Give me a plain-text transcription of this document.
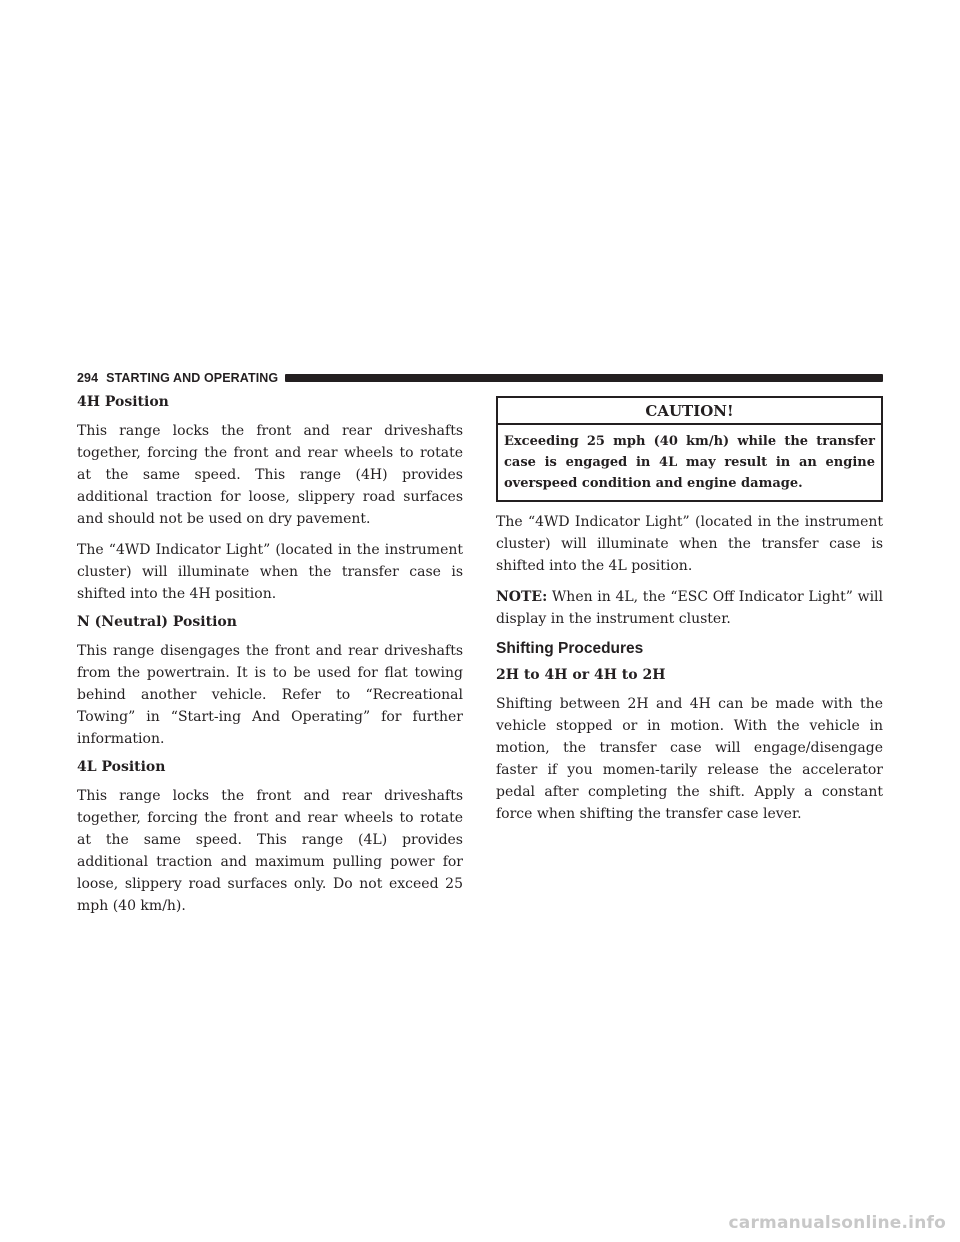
294 STARTING AND OPERATING
4H Position

This range locks the front and rear driveshafts together, forcing the front and rear wheels to rotate at the same speed. This range (4H) provides additional traction for loose, slippery road surfaces and should not be used on dry pavement.

The “4WD Indicator Light” (located in the instrument cluster) will illuminate when the transfer case is shifted into the 4H position.

N (Neutral) Position

This range disengages the front and rear driveshafts from the powertrain. It is to be used for flat towing behind another vehicle. Refer to “Recreational Towing” in “Start-ing And Operating” for further information.

4L Position

This range locks the front and rear driveshafts together, forcing the front and rear wheels to rotate at the same speed. This range (4L) provides additional traction and maximum pulling power for loose, slippery road surfaces only. Do not exceed 25 mph (40 km/h).

CAUTION!
Exceeding 25 mph (40 km/h) while the transfer case is engaged in 4L may result in an engine overspeed condition and engine damage.

The “4WD Indicator Light” (located in the instrument cluster) will illuminate when the transfer case is shifted into the 4L position.

NOTE: When in 4L, the “ESC Off Indicator Light” will display in the instrument cluster.

Shifting Procedures
2H to 4H or 4H to 2H

Shifting between 2H and 4H can be made with the vehicle stopped or in motion. With the vehicle in motion, the transfer case will engage/disengage faster if you momen-tarily release the accelerator pedal after completing the shift. Apply a constant force when shifting the transfer case lever.

carmanualsonline.info
